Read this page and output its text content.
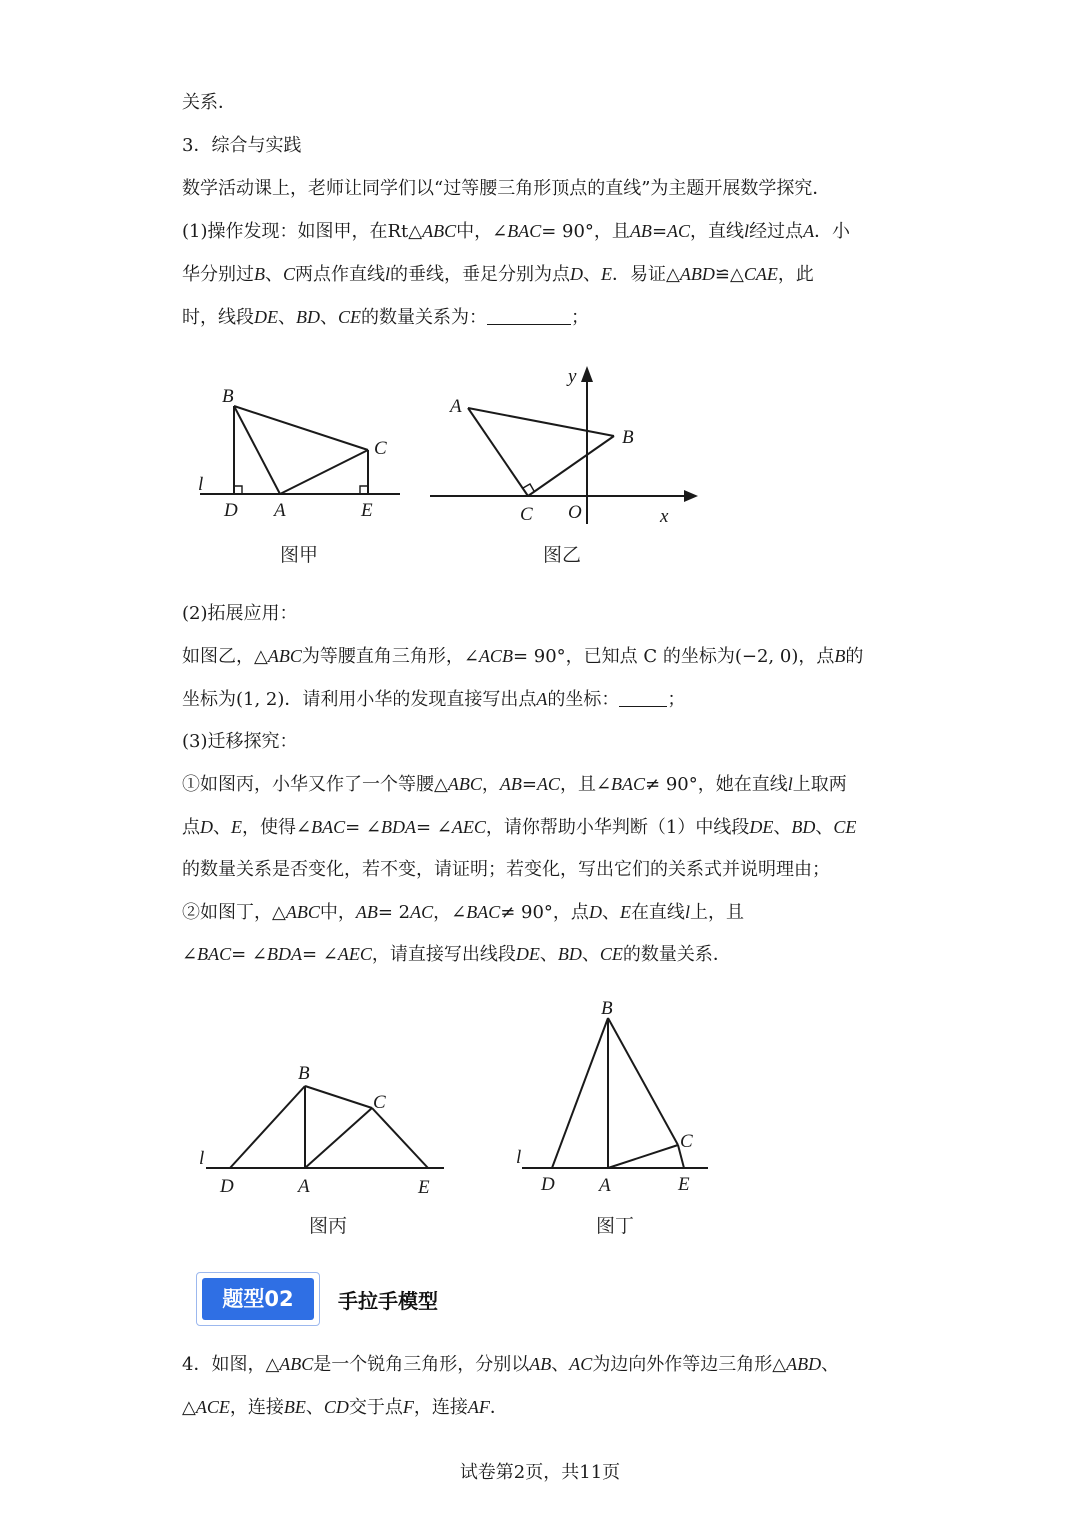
关系．
3．综合与实践
数学活动课上，老师让同学们以“过等腰三角形顶点的直线”为主题开展数学探究．
(1)操作发现：如图甲，在Rt△ABC中，∠BAC= 90°，且AB=AC，直线l经过点A．小
华分别过B、C两点作直线l的垂线，垂足分别为点D、E．易证△ABD≌△CAE，此
时，线段DE、BD、CE的数量关系为：	；
B
C
l
D A	E
图甲
y
A
B
C O	x
图乙
(2)拓展应用：
如图乙，△ABC为等腰直角三角形，∠ACB= 90°，已知点 C 的坐标为(−2, 0)，点B的
坐标为(1, 2)．请利用小华的发现直接写出点A的坐标：	；
(3)迁移探究：
①如图丙，小华又作了一个等腰△ABC，AB=AC，且∠BAC≠ 90°，她在直线l上取两
点D、E，使得∠BAC= ∠BDA= ∠AEC，请你帮助小华判断（1）中线段DE、BD、CE
的数量关系是否变化，若不变，请证明；若变化，写出它们的关系式并说明理由；
②如图丁，△ABC中，AB= 2AC，∠BAC≠ 90°，点D、E在直线l上，且
∠BAC= ∠BDA= ∠AEC，请直接写出线段DE、BD、CE的数量关系．
B
C
l
D	A	E
图丙
B
C
l
D A	E
图丁
题型02	手拉手模型
4．如图，△ABC是一个锐角三角形，分别以AB、AC为边向外作等边三角形△ABD、
△ACE，连接BE、CD交于点F，连接AF．
试卷第2页，共11页
